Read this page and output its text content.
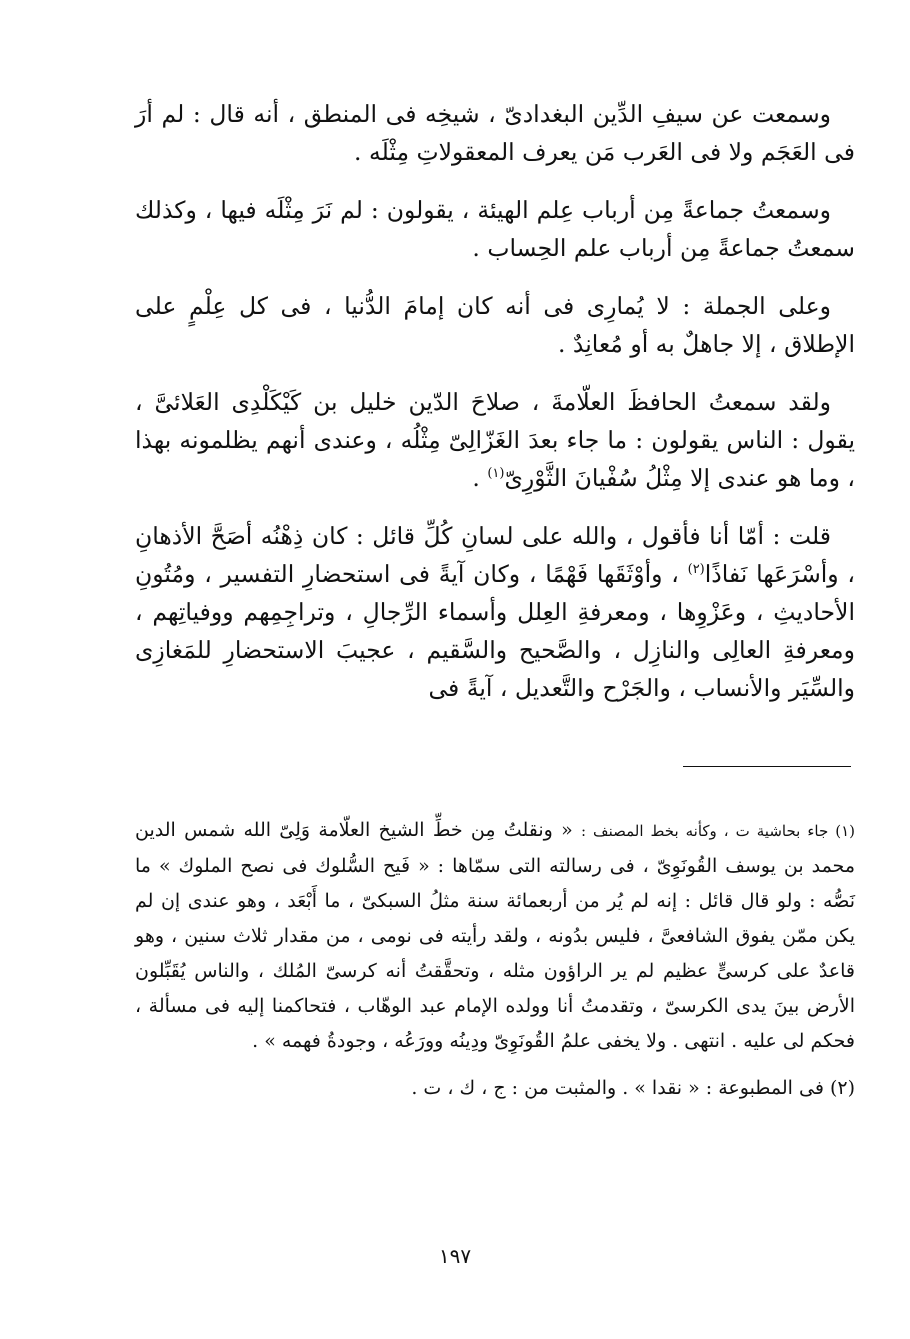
وسمعت عن سيفِ الدِّين البغدادىّ ، شيخِه فى المنطق ، أنه قال : لم أرَ فى العَجَم ولا فى العَرب مَن يعرف المعقولاتِ مِثْلَه .

وسمعتُ جماعةً مِن أرباب عِلم الهيئة ، يقولون : لم نَرَ مِثْلَه فيها ، وكذلك سمعتُ جماعةً مِن أرباب علم الحِساب .

وعلى الجملة : لا يُمارِى فى أنه كان إمامَ الدُّنيا ، فى كل عِلْمٍ على الإطلاق ، إلا جاهلٌ به أو مُعانِدٌ .

ولقد سمعتُ الحافظَ العلّامةَ ، صلاحَ الدّين خليل بن كَيْكَلْدِى العَلائىَّ ، يقول : الناس يقولون : ما جاء بعدَ الغَزّالِىّ مِثْلُه ، وعندى أنهم يظلمونه بهذا ، وما هو عندى إلا مِثْلُ سُفْيانَ الثَّوْرِىّ$^{(١)}$ .

قلت : أمّا أنا فأقول ، والله على لسانِ كُلِّ قائل : كان ذِهْنُه أصَحَّ الأذهانِ ، وأسْرَعَها نَفاذًا$^{(٢)}$ ، وأوْثَقَها فَهْمًا ، وكان آيةً فى استحضارِ التفسير ، ومُتُونِ الأحاديثِ ، وعَزْوِها ، ومعرفةِ العِلل وأسماء الرِّجالِ ، وتراجِمِهم ووفياتِهم ، ومعرفةِ العالِى والنازِل ، والصَّحيح والسَّقيم ، عجيبَ الاستحضارِ للمَغازِى والسِّيَر والأنساب ، والجَرْح والتَّعديل ، آيةً فى

(١) جاء بحاشية ت ، وكأنه بخط المصنف : « ونقلتُ مِن خطِّ الشيخ العلّامة وَلِىّ الله شمس الدين محمد بن يوسف القُونَوِىّ ، فى رسالته التى سمّاها : « فَيح السُّلوك فى نصح الملوك » ما نَصُّه : ولو قال قائل : إنه لم يُر من أربعمائة سنة مثلُ السبكىّ ، ما أَبْعَد ، وهو عندى إن لم يكن ممّن يفوق الشافعىَّ ، فليس بدُونه ، ولقد رأيته فى نومى ، من مقدار ثلاث سنين ، وهو قاعدٌ على كرسىٍّ عظيم لم ير الراؤون مثله ، وتحقَّقتُ أنه كرسىّ المُلك ، والناس يُقَبِّلون الأرض بينَ يدى الكرسىّ ، وتقدمتُ أنا وولده الإمام عبد الوهّاب ، فتحاكمنا إليه فى مسألة ، فحكم لى عليه . انتهى . ولا يخفى علمُ القُونَوِىّ ودِينُه وورَعُه ، وجودةُ فهمه » .

(٢) فى المطبوعة : « نقدا » . والمثبت من : ج ، ك ، ت .

١٩٧
